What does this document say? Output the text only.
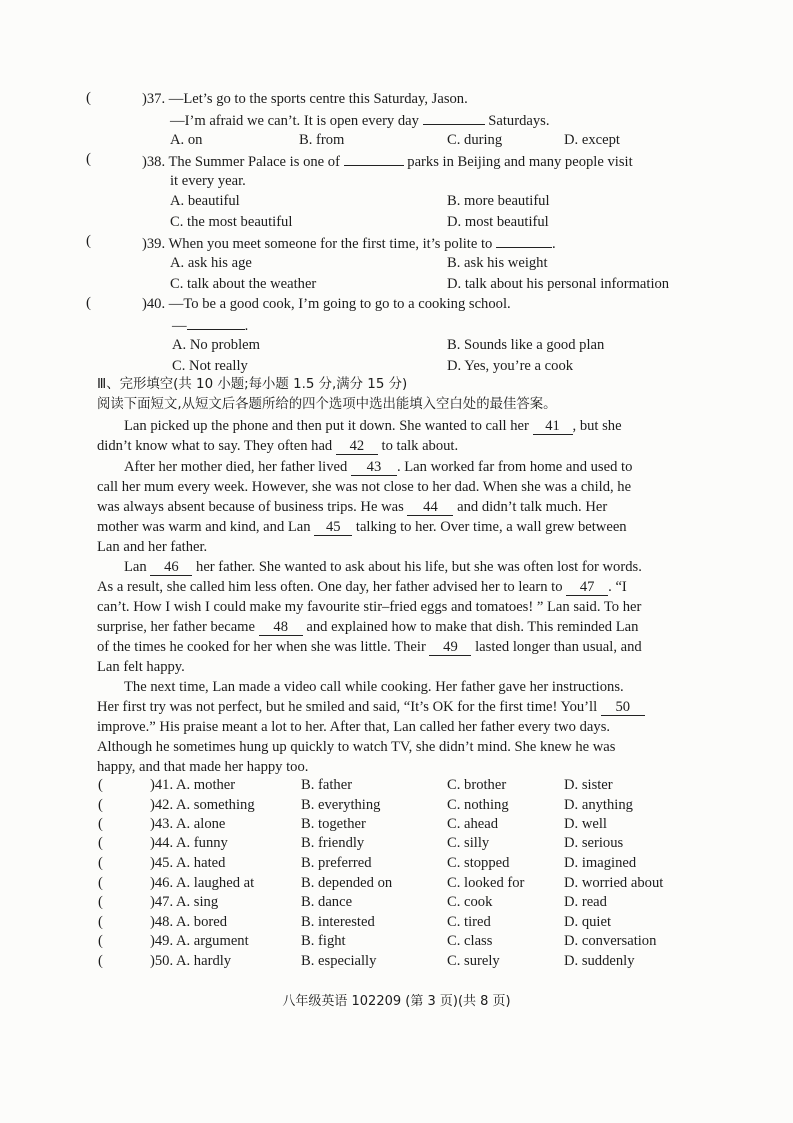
(	)37. —Let’s go to the sports centre this Saturday, Jason.
—I’m afraid we can’t. It is open every day	Saturdays.
A. on	B. from	C. during	D. except
(	)38. The Summer Palace is one of	parks in Beijing and many people visit
it every year.
A. beautiful	B. more beautiful
C. the most beautiful	D. most beautiful
(	)39. When you meet someone for the first time, it’s polite to	.
A. ask his age	B. ask his weight
C. talk about the weather	D. talk about his personal information
(	)40. —To be a good cook, I’m going to go to a cooking school.
—	.
A. No problem	B. Sounds like a good plan
C. Not really	D. Yes, you’re a cook
Ⅲ、完形填空(共 10 小题;每小题 1.5 分,满分 15 分)
阅读下面短文,从短文后各题所给的四个选项中选出能填入空白处的最佳答案。
Lan picked up the phone and then put it down. She wanted to call her 41 , but she
didn’t know what to say. They often had 42 to talk about.
After her mother died, her father lived 43 . Lan worked far from home and used to
call her mum every week. However, she was not close to her dad. When she was a child, he
was always absent because of business trips. He was 44 and didn’t talk much. Her
mother was warm and kind, and Lan 45 talking to her. Over time, a wall grew between
Lan and her father.
Lan 46 her father. She wanted to ask about his life, but she was often lost for words.
As a result, she called him less often. One day, her father advised her to learn to 47 . “I
can’t. How I wish I could make my favourite stir–fried eggs and tomatoes! ” Lan said. To her
surprise, her father became 48 and explained how to make that dish. This reminded Lan
of the times he cooked for her when she was little. Their 49 lasted longer than usual, and
Lan felt happy.
The next time, Lan made a video call while cooking. Her father gave her instructions.
Her first try was not perfect, but he smiled and said, “It’s OK for the first time! You’ll 50
improve.” His praise meant a lot to her. After that, Lan called her father every two days.
Although he sometimes hung up quickly to watch TV, she didn’t mind. She knew he was
happy, and that made her happy too.
(	)41. A. mother	B. father	C. brother	D. sister
(	)42. A. something	B. everything	C. nothing	D. anything
(	)43. A. alone	B. together	C. ahead	D. well
(	)44. A. funny	B. friendly	C. silly	D. serious
(	)45. A. hated	B. preferred	C. stopped	D. imagined
(	)46. A. laughed at	B. depended on	C. looked for	D. worried about
(	)47. A. sing	B. dance	C. cook	D. read
(	)48. A. bored	B. interested	C. tired	D. quiet
(	)49. A. argument	B. fight	C. class	D. conversation
(	)50. A. hardly	B. especially	C. surely	D. suddenly
八年级英语 102209 (第 3 页)(共 8 页)
